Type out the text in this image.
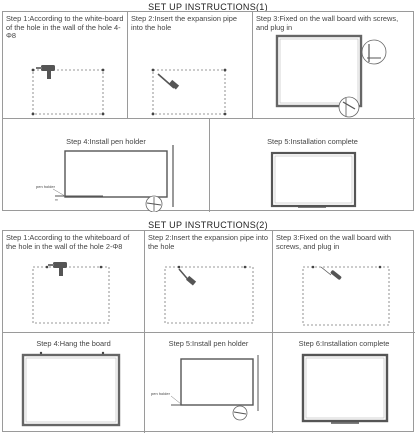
SET UP INSTRUCTIONS(1)
Step 1:According to the white-board of the hole in the wall of the hole 4-Φ8
Step 2:Insert the expansion pipe into the hole
Step 3:Fixed on the wall board with screws, and plug in
Step 4:Install pen holder
pen holder
═
Step 5:Installation complete
SET UP INSTRUCTIONS(2)
Step 1:According to the whiteboard of the hole in the wall of the hole 2-Φ8
Step 2:Insert the expansion pipe into the hole
Step 3:Fixed on the wall board with screws, and plug in
Step 4:Hang the board	Step 5:Install pen holder
pen holder
Step 6:Installation complete
